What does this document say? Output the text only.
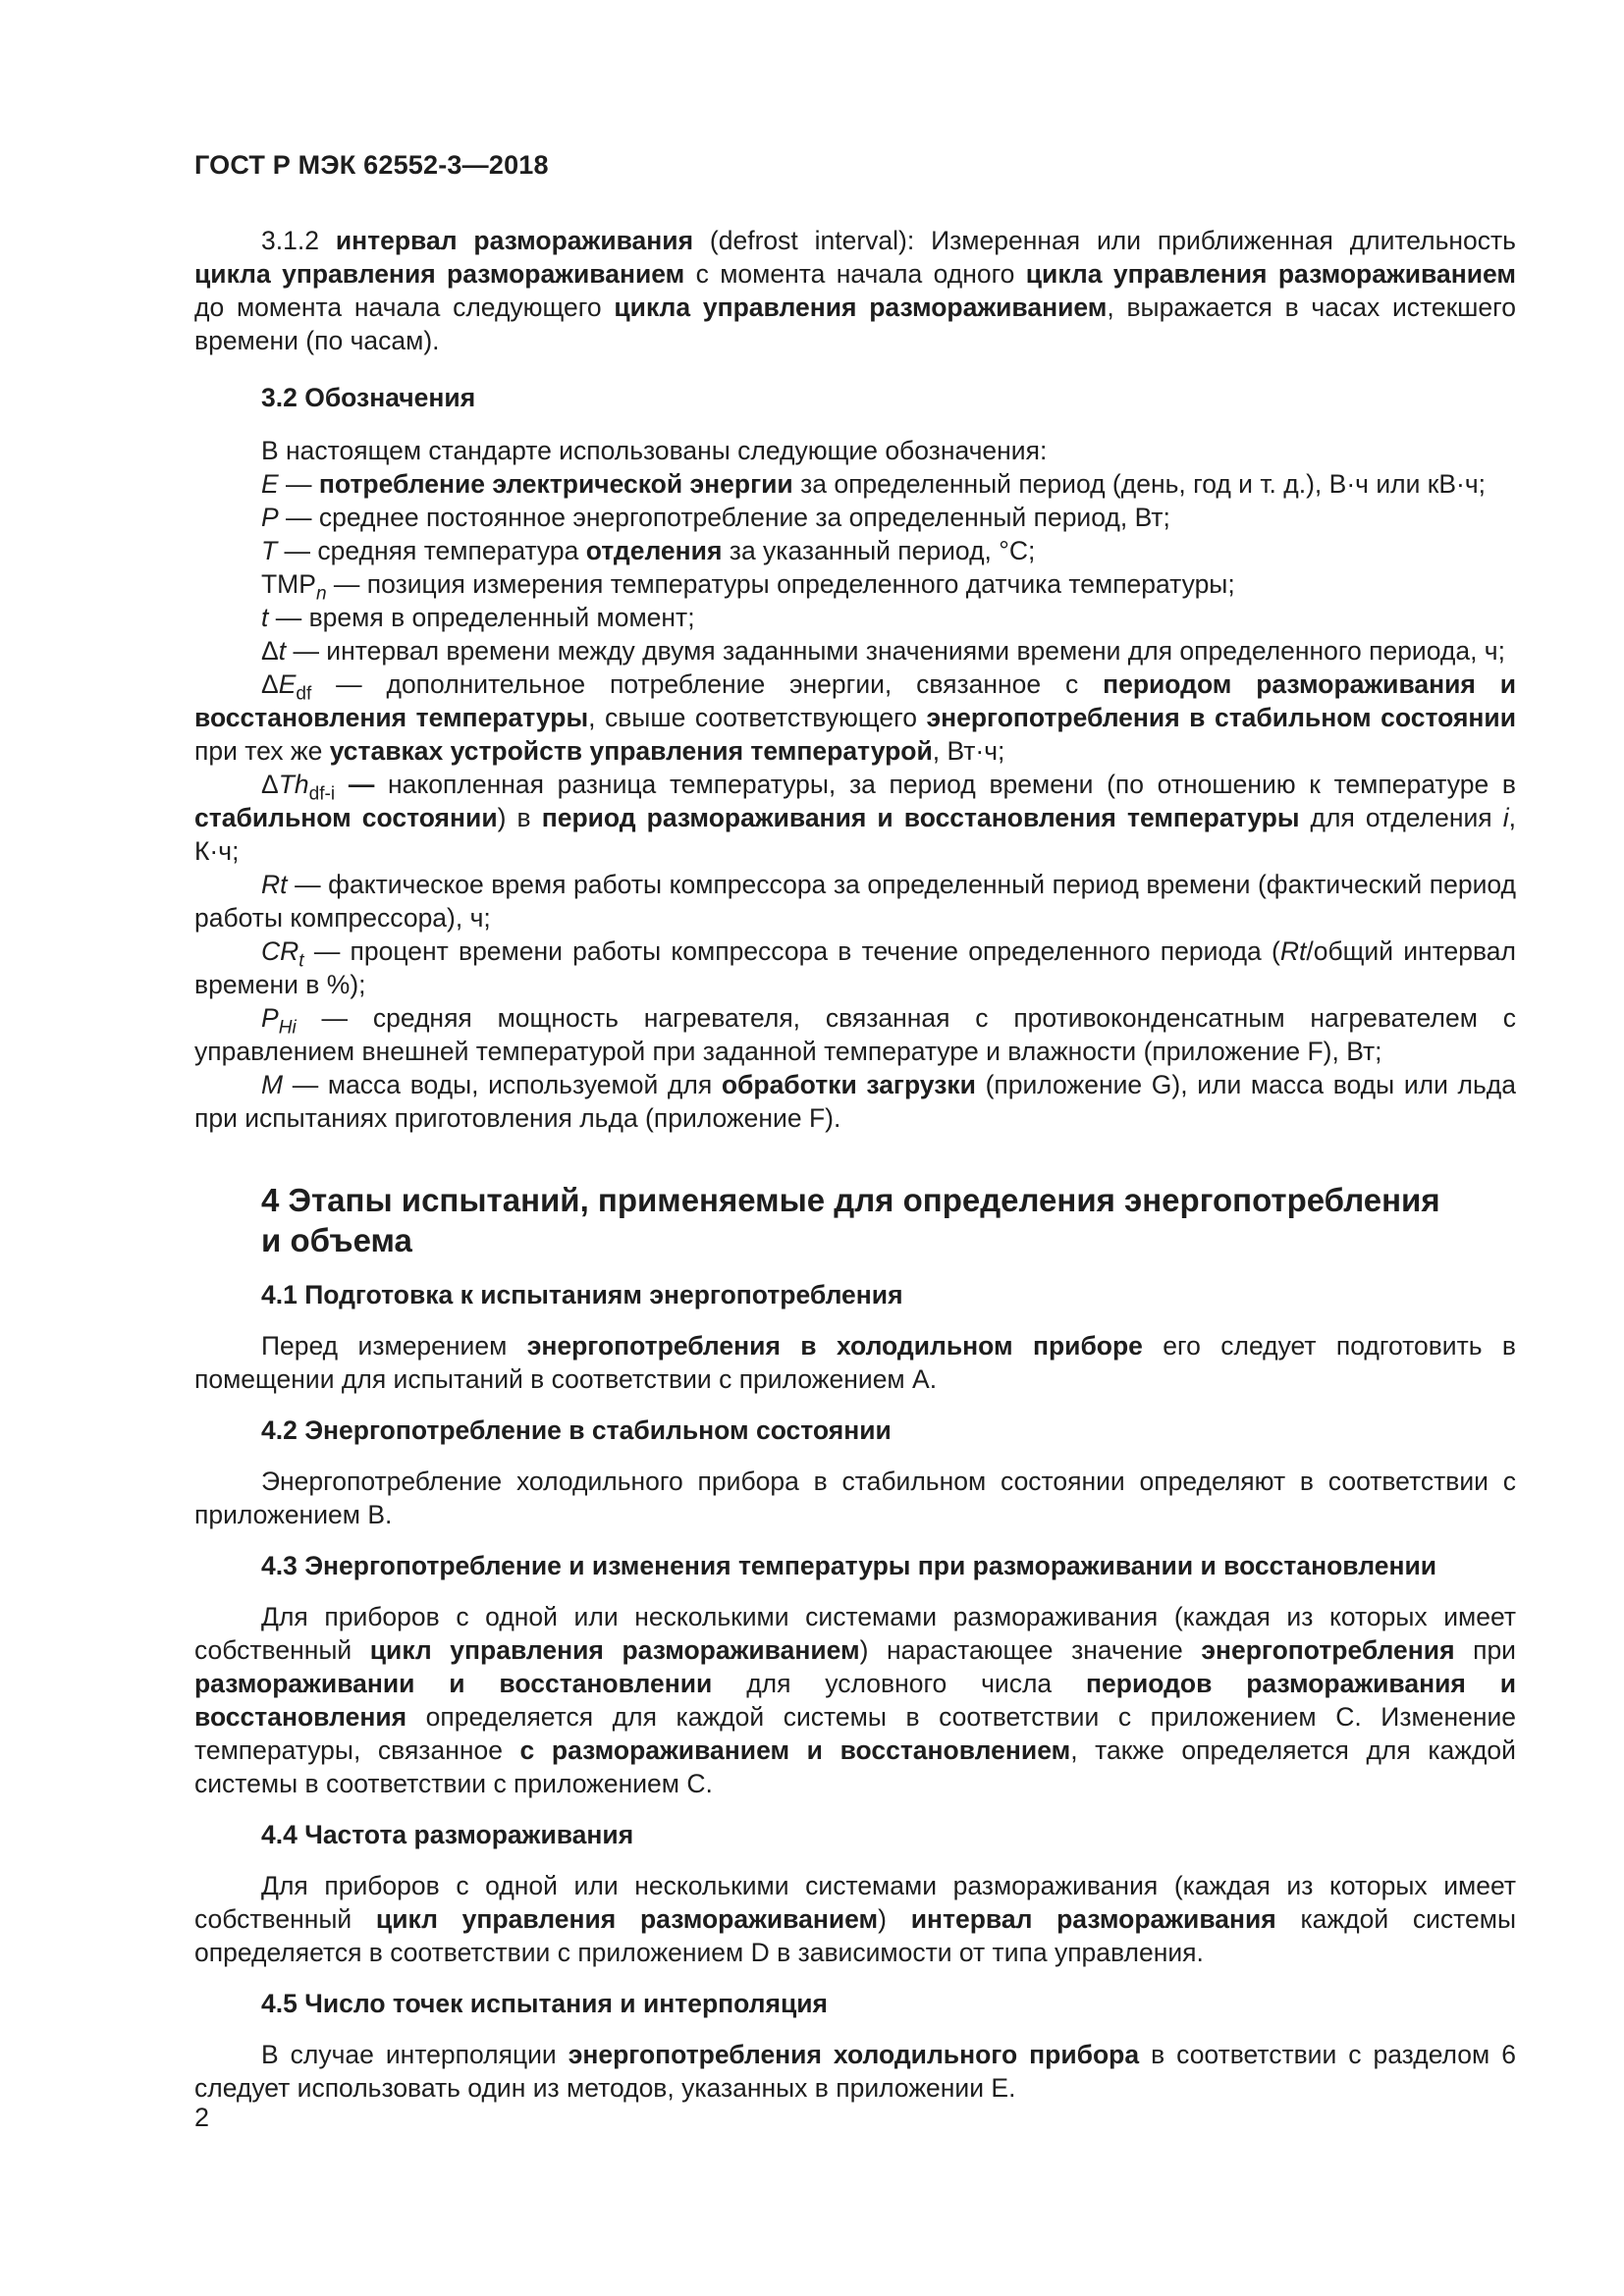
ГОСТ Р МЭК 62552-3—2018

3.1.2 интервал размораживания (defrost interval): Измеренная или приближенная длительность цикла управления размораживанием с момента начала одного цикла управления размораживанием до момента начала следующего цикла управления размораживанием, выражается в часах истекшего времени (по часам).

3.2 Обозначения

В настоящем стандарте использованы следующие обозначения:

E — потребление электрической энергии за определенный период (день, год и т. д.), В·ч или кВ·ч;

P — среднее постоянное энергопотребление за определенный период, Вт;

T — средняя температура отделения за указанный период, °С;

$TMP_n$ — позиция измерения температуры определенного датчика температуры;

t — время в определенный момент;

Δt — интервал времени между двумя заданными значениями времени для определенного периода, ч;

$\Delta E_{df}$ — дополнительное потребление энергии, связанное с периодом размораживания и восстановления температуры, свыше соответствующего энергопотребления в стабильном состоянии при тех же уставках устройств управления температурой, Вт·ч;

ΔTh$_{df-i}$ — накопленная разница температуры, за период времени (по отношению к температуре в стабильном состоянии) в период размораживания и восстановления температуры для отделения i, К·ч;

Rt — фактическое время работы компрессора за определенный период времени (фактический период работы компрессора), ч;

$CR_t$ — процент времени работы компрессора в течение определенного периода (Rt/общий интервал времени в %);

$P_{Hi}$ — средняя мощность нагревателя, связанная с противоконденсатным нагревателем с управлением внешней температурой при заданной температуре и влажности (приложение F), Вт;

M — масса воды, используемой для обработки загрузки (приложение G), или масса воды или льда при испытаниях приготовления льда (приложение F).

4 Этапы испытаний, применяемые для определения энергопотребления
и объема

4.1 Подготовка к испытаниям энергопотребления

Перед измерением энергопотребления в холодильном приборе его следует подготовить в помещении для испытаний в соответствии с приложением А.

4.2 Энергопотребление в стабильном состоянии

Энергопотребление холодильного прибора в стабильном состоянии определяют в соответствии с приложением В.

4.3 Энергопотребление и изменения температуры при размораживании и восстановлении

Для приборов с одной или несколькими системами размораживания (каждая из которых имеет собственный цикл управления размораживанием) нарастающее значение энергопотребления при размораживании и восстановлении для условного числа периодов размораживания и восстановления определяется для каждой системы в соответствии с приложением С. Изменение температуры, связанное с размораживанием и восстановлением, также определяется для каждой системы в соответствии с приложением С.

4.4 Частота размораживания

Для приборов с одной или несколькими системами размораживания (каждая из которых имеет собственный цикл управления размораживанием) интервал размораживания каждой системы определяется в соответствии с приложением D в зависимости от типа управления.

4.5 Число точек испытания и интерполяция

В случае интерполяции энергопотребления холодильного прибора в соответствии с разделом 6 следует использовать один из методов, указанных в приложении Е.

2
